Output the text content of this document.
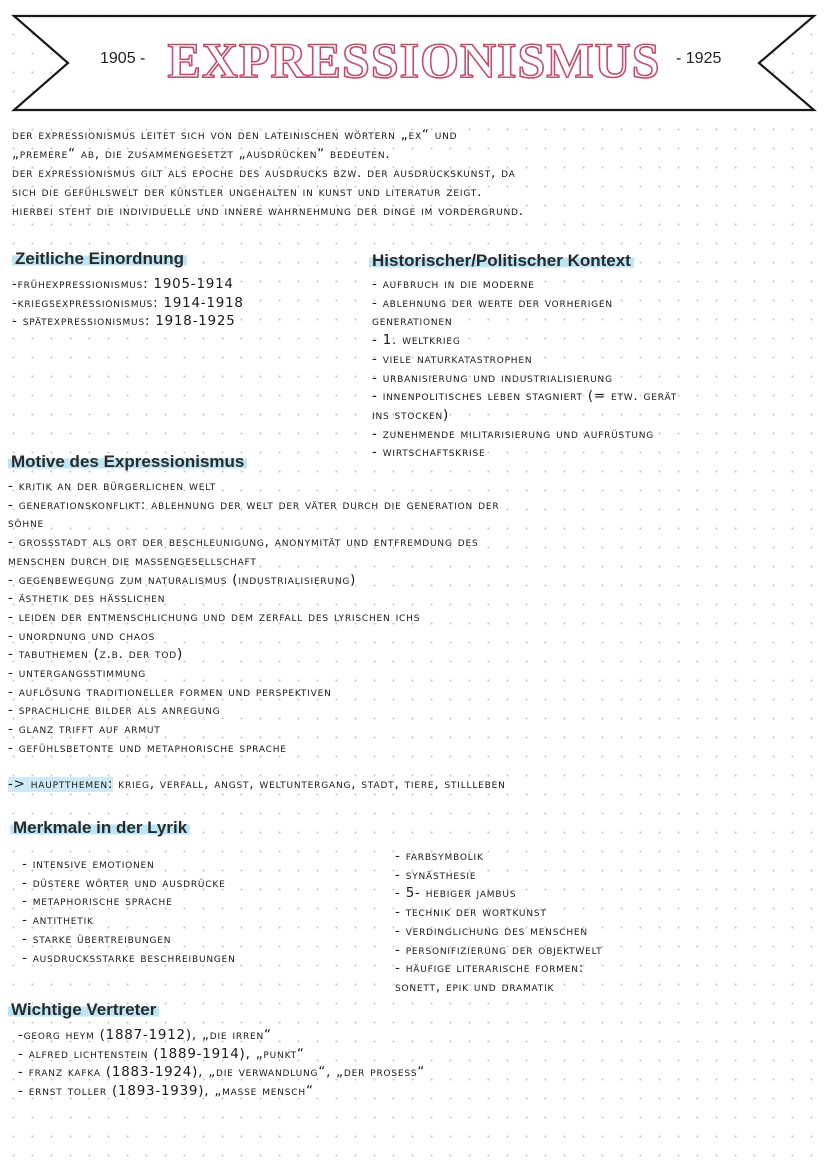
1905 - EXPRESSIONISMUS - 1925

der expressionismus leitet sich von den lateinischen wörtern „ex“ und

„premere“ ab, die zusammengesetzt „ausdrücken“ bedeuten.

der expressionismus gilt als epoche des ausdrucks bzw. der ausdruckskunst, da

sich die gefühlswelt der künstler ungehalten in kunst und literatur zeigt.

hierbei steht die individuelle und innere wahrnehmung der dinge im vordergrund.

Zeitliche Einordnung
-frühexpressionismus: 1905-1914
-kriegsexpressionismus: 1914-1918
- spätexpressionismus: 1918-1925
Historischer/Politischer Kontext
- aufbruch in die moderne
- ablehnung der werte der vorherigen
generationen
- 1. weltkrieg
- viele naturkatastrophen
- urbanisierung und industrialisierung
- innenpolitisches leben stagniert (= etw. gerät
ins stocken)
- zunehmende militarisierung und aufrüstung
- wirtschaftskrise
Motive des Expressionismus
- kritik an der bürgerlichen welt
- generationskonflikt: ablehnung der welt der väter durch die generation der
söhne
- grossstadt als ort der beschleunigung, anonymität und entfremdung des
menschen durch die massengesellschaft
- gegenbewegung zum naturalismus (industrialisierung)
- ästhetik des hässlichen
- leiden der entmenschlichung und dem zerfall des lyrischen ichs
- unordnung und chaos
- tabuthemen (z.b. der tod)
- untergangsstimmung
- auflösung traditioneller formen und perspektiven
- sprachliche bilder als anregung
- glanz trifft auf armut
- gefühlsbetonte und metaphorische sprache
-> hauptthemen: krieg, verfall, angst, weltuntergang, stadt, tiere, stillleben
Merkmale in der Lyrik
- intensive emotionen
- düstere wörter und ausdrücke
- metaphorische sprache
- antithetik
- starke übertreibungen
- ausdrucksstarke beschreibungen
- farbsymbolik
- synästhesie
- 5- hebiger jambus
- technik der wortkunst
- verdinglichung des menschen
- personifizierung der objektwelt
- häufige literarische formen:
sonett, epik und dramatik
Wichtige Vertreter
-georg heym (1887-1912), „die irren“
- alfred lichtenstein (1889-1914), „punkt“
- franz kafka (1883-1924), „die verwandlung“, „der prosess“
- ernst toller (1893-1939), „masse mensch“
